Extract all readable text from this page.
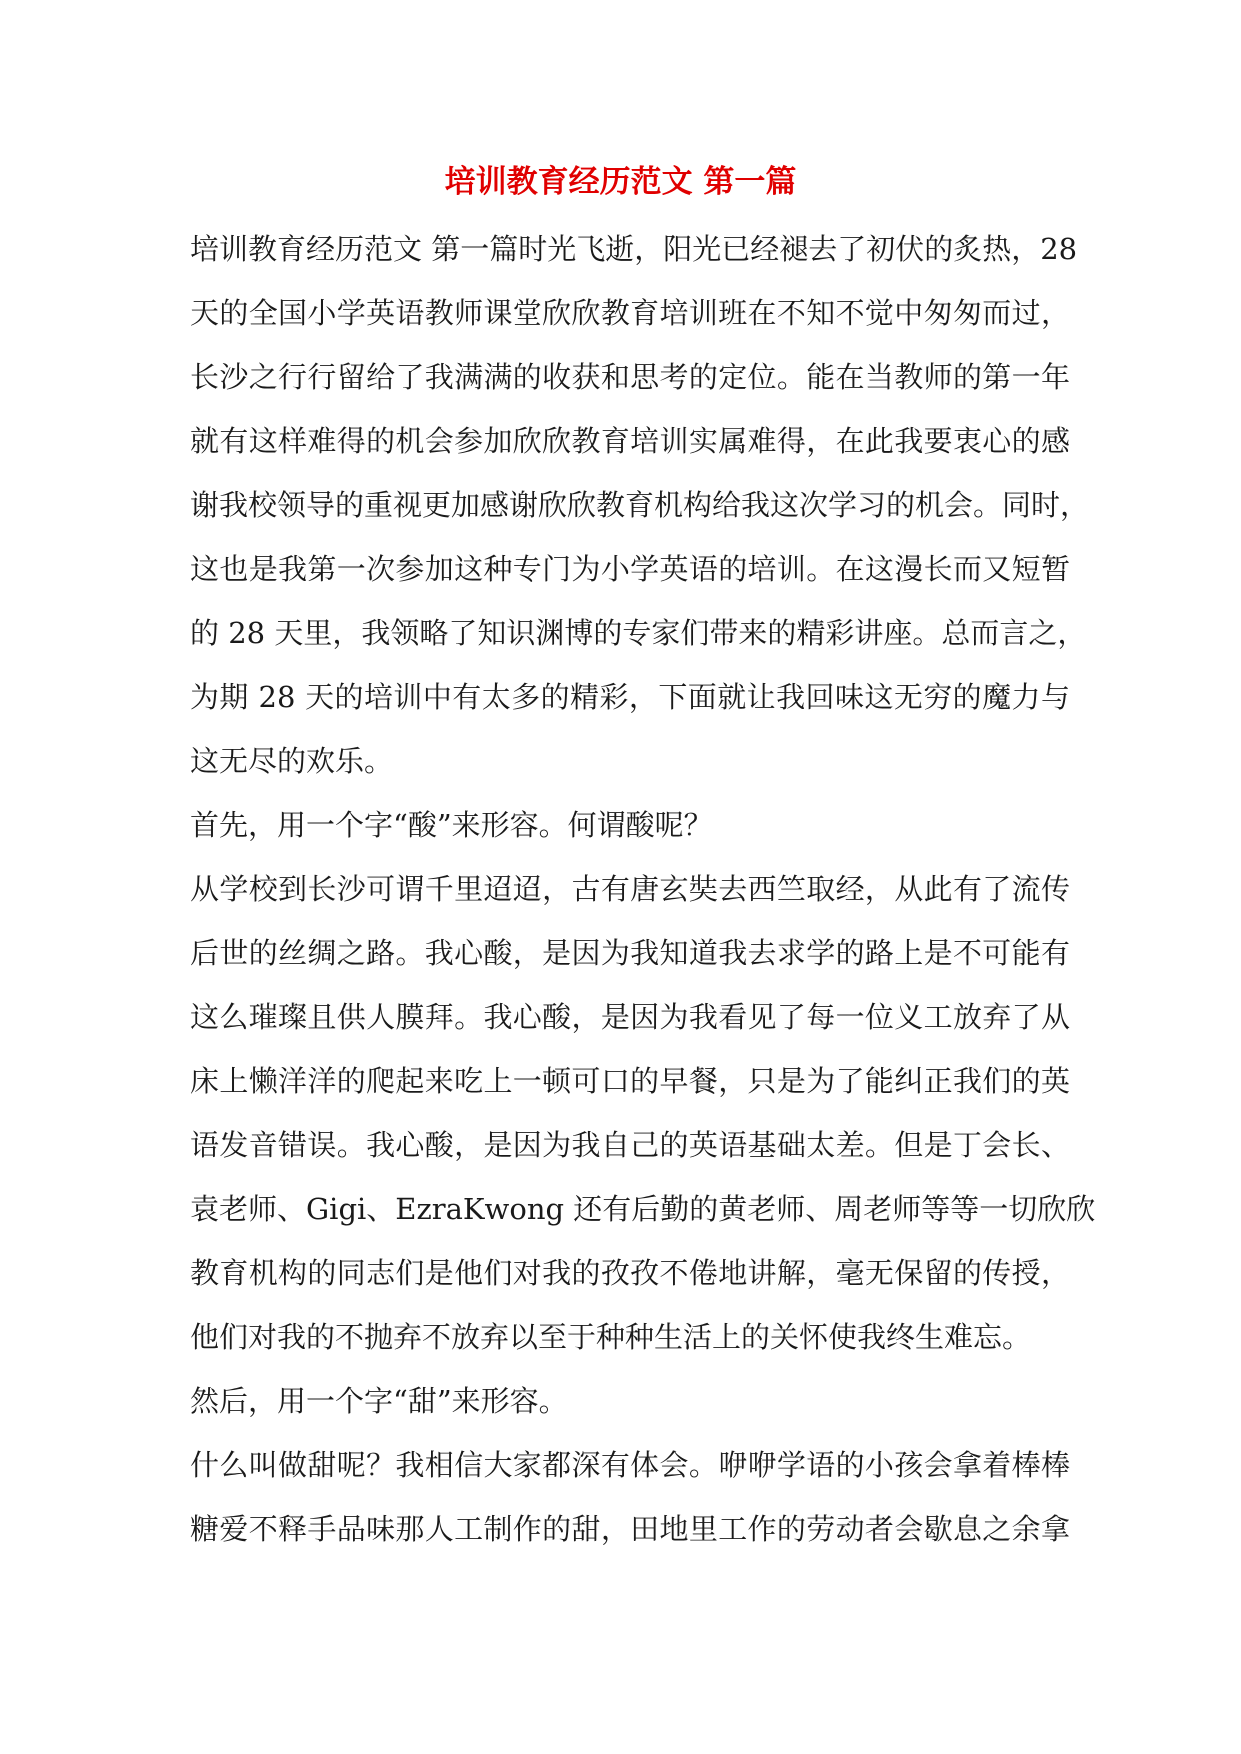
培训教育经历范文 第一篇
培训教育经历范文 第一篇时光飞逝，阳光已经褪去了初伏的炙热，28
天的全国小学英语教师课堂欣欣教育培训班在不知不觉中匆匆而过，
长沙之行行留给了我满满的收获和思考的定位。能在当教师的第一年
就有这样难得的机会参加欣欣教育培训实属难得，在此我要衷心的感
谢我校领导的重视更加感谢欣欣教育机构给我这次学习的机会。同时，
这也是我第一次参加这种专门为小学英语的培训。在这漫长而又短暂
的 28 天里，我领略了知识渊博的专家们带来的精彩讲座。总而言之，
为期 28 天的培训中有太多的精彩，下面就让我回味这无穷的魔力与
这无尽的欢乐。
首先，用一个字“酸”来形容。何谓酸呢？
从学校到长沙可谓千里迢迢，古有唐玄奘去西竺取经，从此有了流传
后世的丝绸之路。我心酸，是因为我知道我去求学的路上是不可能有
这么璀璨且供人膜拜。我心酸，是因为我看见了每一位义工放弃了从
床上懒洋洋的爬起来吃上一顿可口的早餐，只是为了能纠正我们的英
语发音错误。我心酸，是因为我自己的英语基础太差。但是丁会长、
袁老师、Gigi、EzraKwong 还有后勤的黄老师、周老师等等一切欣欣
教育机构的同志们是他们对我的孜孜不倦地讲解，毫无保留的传授，
他们对我的不抛弃不放弃以至于种种生活上的关怀使我终生难忘。
然后，用一个字“甜”来形容。
什么叫做甜呢？我相信大家都深有体会。咿咿学语的小孩会拿着棒棒
糖爱不释手品味那人工制作的甜，田地里工作的劳动者会歇息之余拿
